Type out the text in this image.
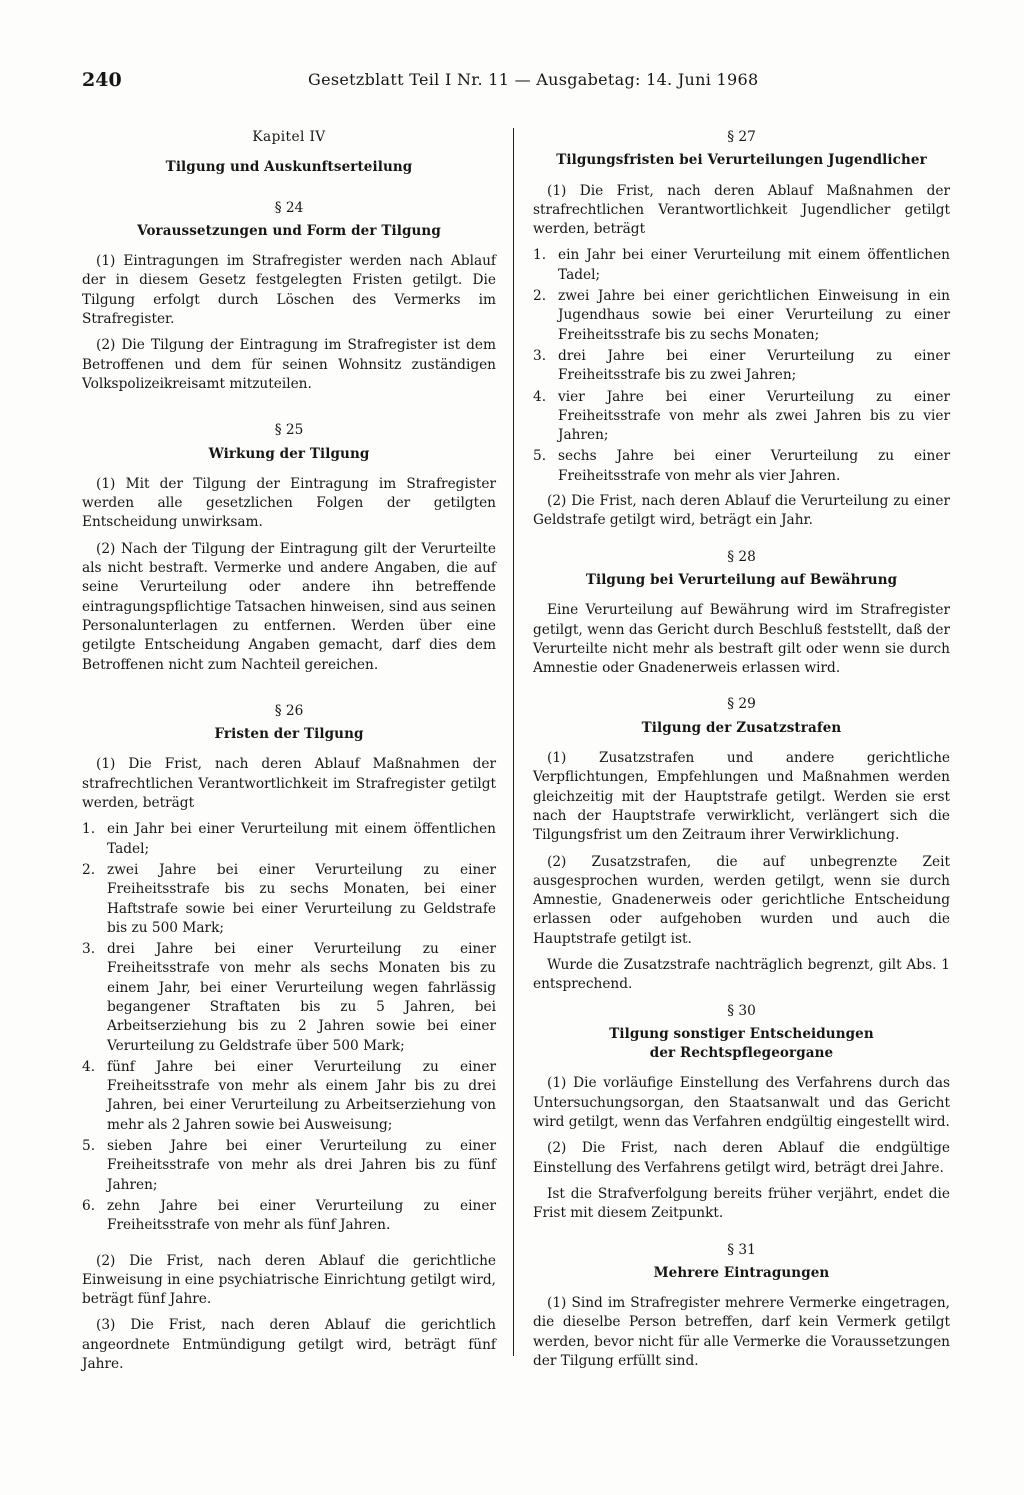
240	Gesetzblatt Teil I Nr. 11 — Ausgabetag: 14. Juni 1968
Kapitel IV
Tilgung und Auskunftserteilung
§ 24
Voraussetzungen und Form der Tilgung

(1) Eintragungen im Strafregister werden nach Ablauf der in diesem Gesetz festgelegten Fristen getilgt. Die Tilgung erfolgt durch Löschen des Vermerks im Strafregister.

(2) Die Tilgung der Eintragung im Strafregister ist dem Betroffenen und dem für seinen Wohnsitz zuständigen Volkspolizeikreisamt mitzuteilen.

§ 25
Wirkung der Tilgung

(1) Mit der Tilgung der Eintragung im Strafregister werden alle gesetzlichen Folgen der getilgten Entscheidung unwirksam.

(2) Nach der Tilgung der Eintragung gilt der Verurteilte als nicht bestraft. Vermerke und andere Angaben, die auf seine Verurteilung oder andere ihn betreffende eintragungspflichtige Tatsachen hinweisen, sind aus seinen Personalunterlagen zu entfernen. Werden über eine getilgte Entscheidung Angaben gemacht, darf dies dem Betroffenen nicht zum Nachteil gereichen.

§ 26
Fristen der Tilgung

(1) Die Frist, nach deren Ablauf Maßnahmen der strafrechtlichen Verantwortlichkeit im Strafregister getilgt werden, beträgt

1. ein Jahr bei einer Verurteilung mit einem öffentlichen Tadel;
2. zwei Jahre bei einer Verurteilung zu einer Freiheitsstrafe bis zu sechs Monaten, bei einer Haftstrafe sowie bei einer Verurteilung zu Geldstrafe bis zu 500 Mark;
3. drei Jahre bei einer Verurteilung zu einer Freiheitsstrafe von mehr als sechs Monaten bis zu einem Jahr, bei einer Verurteilung wegen fahrlässig begangener Straftaten bis zu 5 Jahren, bei Arbeitserziehung bis zu 2 Jahren sowie bei einer Verurteilung zu Geldstrafe über 500 Mark;
4. fünf Jahre bei einer Verurteilung zu einer Freiheitsstrafe von mehr als einem Jahr bis zu drei Jahren, bei einer Verurteilung zu Arbeitserziehung von mehr als 2 Jahren sowie bei Ausweisung;
5. sieben Jahre bei einer Verurteilung zu einer Freiheitsstrafe von mehr als drei Jahren bis zu fünf Jahren;
6. zehn Jahre bei einer Verurteilung zu einer Freiheitsstrafe von mehr als fünf Jahren.

(2) Die Frist, nach deren Ablauf die gerichtliche Einweisung in eine psychiatrische Einrichtung getilgt wird, beträgt fünf Jahre.

(3) Die Frist, nach deren Ablauf die gerichtlich angeordnete Entmündigung getilgt wird, beträgt fünf Jahre.

§ 27
Tilgungsfristen bei Verurteilungen Jugendlicher

(1) Die Frist, nach deren Ablauf Maßnahmen der strafrechtlichen Verantwortlichkeit Jugendlicher getilgt werden, beträgt

1. ein Jahr bei einer Verurteilung mit einem öffentlichen Tadel;
2. zwei Jahre bei einer gerichtlichen Einweisung in ein Jugendhaus sowie bei einer Verurteilung zu einer Freiheitsstrafe bis zu sechs Monaten;
3. drei Jahre bei einer Verurteilung zu einer Freiheitsstrafe bis zu zwei Jahren;
4. vier Jahre bei einer Verurteilung zu einer Freiheitsstrafe von mehr als zwei Jahren bis zu vier Jahren;
5. sechs Jahre bei einer Verurteilung zu einer Freiheitsstrafe von mehr als vier Jahren.

(2) Die Frist, nach deren Ablauf die Verurteilung zu einer Geldstrafe getilgt wird, beträgt ein Jahr.

§ 28
Tilgung bei Verurteilung auf Bewährung

Eine Verurteilung auf Bewährung wird im Strafregister getilgt, wenn das Gericht durch Beschluß feststellt, daß der Verurteilte nicht mehr als bestraft gilt oder wenn sie durch Amnestie oder Gnadenerweis erlassen wird.

§ 29
Tilgung der Zusatzstrafen

(1) Zusatzstrafen und andere gerichtliche Verpflichtungen, Empfehlungen und Maßnahmen werden gleichzeitig mit der Hauptstrafe getilgt. Werden sie erst nach der Hauptstrafe verwirklicht, verlängert sich die Tilgungsfrist um den Zeitraum ihrer Verwirklichung.

(2) Zusatzstrafen, die auf unbegrenzte Zeit ausgesprochen wurden, werden getilgt, wenn sie durch Amnestie, Gnadenerweis oder gerichtliche Entscheidung erlassen oder aufgehoben wurden und auch die Hauptstrafe getilgt ist.

Wurde die Zusatzstrafe nachträglich begrenzt, gilt Abs. 1 entsprechend.

§ 30
Tilgung sonstiger Entscheidungen
der Rechtspflegeorgane

(1) Die vorläufige Einstellung des Verfahrens durch das Untersuchungsorgan, den Staatsanwalt und das Gericht wird getilgt, wenn das Verfahren endgültig eingestellt wird.

(2) Die Frist, nach deren Ablauf die endgültige Einstellung des Verfahrens getilgt wird, beträgt drei Jahre.

Ist die Strafverfolgung bereits früher verjährt, endet die Frist mit diesem Zeitpunkt.

§ 31
Mehrere Eintragungen

(1) Sind im Strafregister mehrere Vermerke eingetragen, die dieselbe Person betreffen, darf kein Vermerk getilgt werden, bevor nicht für alle Vermerke die Voraussetzungen der Tilgung erfüllt sind.
